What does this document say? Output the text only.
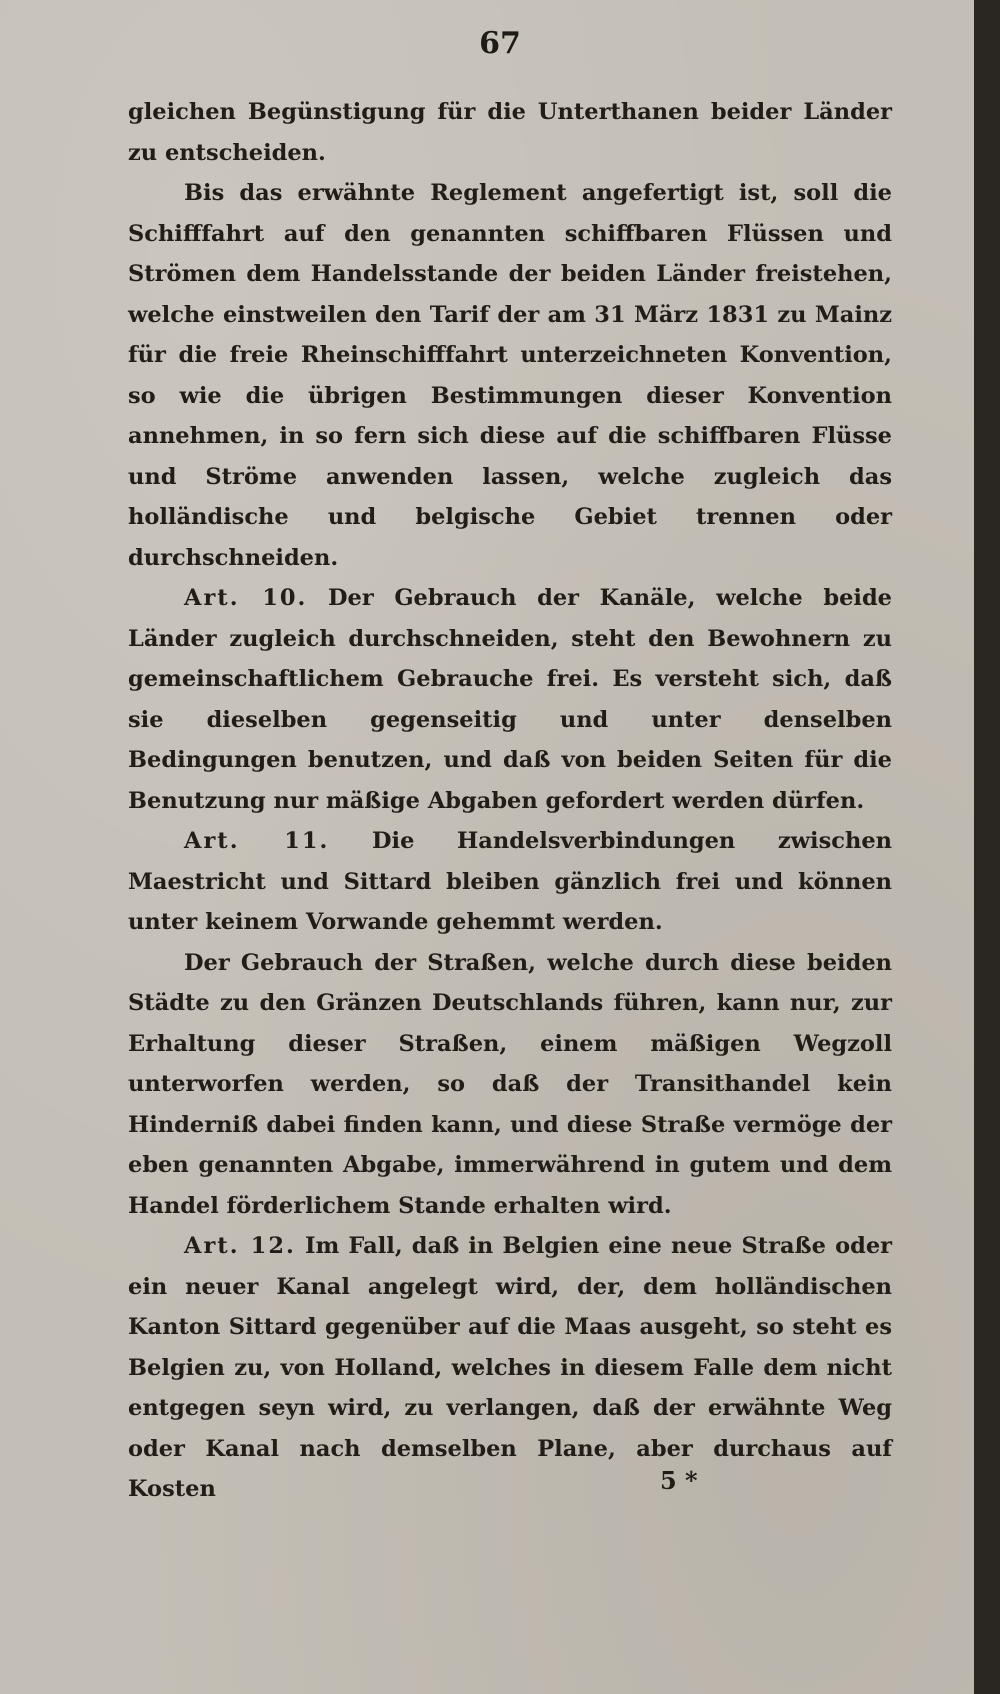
67

gleichen Begünstigung für die Unterthanen beider Länder zu entscheiden.

Bis das erwähnte Reglement angefertigt ist, soll die Schifffahrt auf den genannten schiffbaren Flüssen und Strömen dem Handelsstande der beiden Länder freistehen, welche einstweilen den Tarif der am 31 März 1831 zu Mainz für die freie Rheinschifffahrt unterzeichneten Konvention, so wie die übrigen Bestimmungen dieser Konvention annehmen, in so fern sich diese auf die schiffbaren Flüsse und Ströme anwenden lassen, welche zugleich das holländische und belgische Gebiet trennen oder durchschneiden.

Art. 10. Der Gebrauch der Kanäle, welche beide Länder zugleich durchschneiden, steht den Bewohnern zu gemeinschaftlichem Gebrauche frei. Es versteht sich, daß sie dieselben gegenseitig und unter denselben Bedingungen benutzen, und daß von beiden Seiten für die Benutzung nur mäßige Abgaben gefordert werden dürfen.

Art. 11. Die Handelsverbindungen zwischen Maestricht und Sittard bleiben gänzlich frei und können unter keinem Vorwande gehemmt werden.

Der Gebrauch der Straßen, welche durch diese beiden Städte zu den Gränzen Deutschlands führen, kann nur, zur Erhaltung dieser Straßen, einem mäßigen Wegzoll unterworfen werden, so daß der Transithandel kein Hinderniß dabei finden kann, und diese Straße vermöge der eben genannten Abgabe, immerwährend in gutem und dem Handel förderlichem Stande erhalten wird.

Art. 12. Im Fall, daß in Belgien eine neue Straße oder ein neuer Kanal angelegt wird, der, dem holländischen Kanton Sittard gegenüber auf die Maas ausgeht, so steht es Belgien zu, von Holland, welches in diesem Falle dem nicht entgegen seyn wird, zu verlangen, daß der erwähnte Weg oder Kanal nach demselben Plane, aber durchaus auf Kosten	5 *
